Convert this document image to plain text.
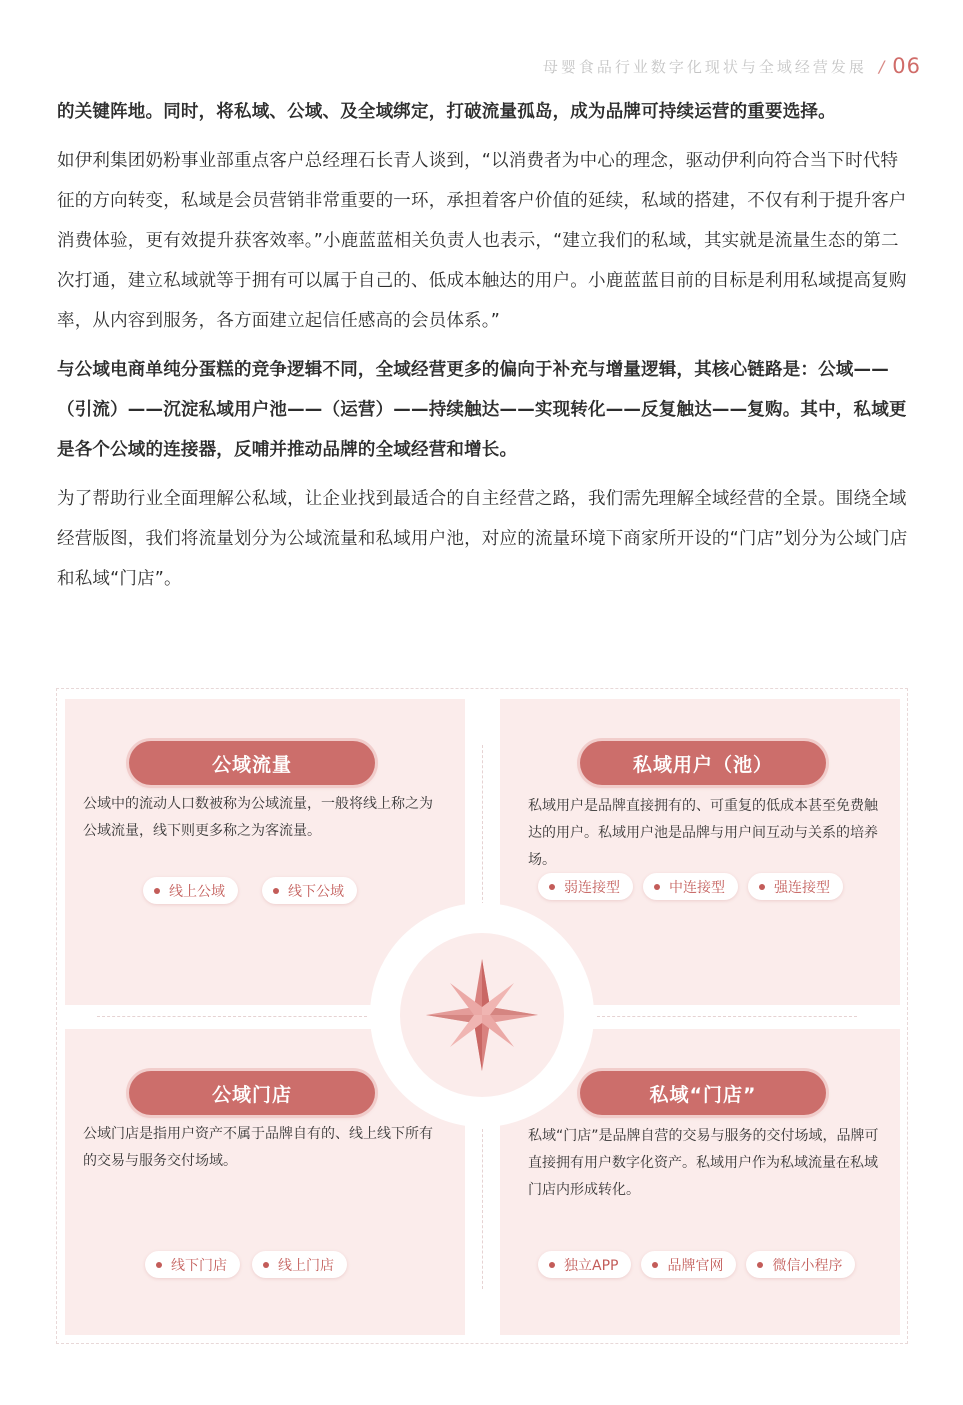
母婴食品行业数字化现状与全域经营发展 / 06

的关键阵地。同时，将私域、公域、及全域绑定，打破流量孤岛，成为品牌可持续运营的重要选择。

如伊利集团奶粉事业部重点客户总经理石长青人谈到，“以消费者为中心的理念，驱动伊利向符合当下时代特征的方向转变，私域是会员营销非常重要的一环，承担着客户价值的延续，私域的搭建，不仅有利于提升客户消费体验，更有效提升获客效率。”小鹿蓝蓝相关负责人也表示，“建立我们的私域，其实就是流量生态的第二次打通，建立私域就等于拥有可以属于自己的、低成本触达的用户。小鹿蓝蓝目前的目标是利用私域提高复购率，从内容到服务，各方面建立起信任感高的会员体系。”

与公域电商单纯分蛋糕的竞争逻辑不同，全域经营更多的偏向于补充与增量逻辑，其核心链路是：公域——（引流）——沉淀私域用户池——（运营）——持续触达——实现转化——反复触达——复购。其中，私域更是各个公域的连接器，反哺并推动品牌的全域经营和增长。

为了帮助行业全面理解公私域，让企业找到最适合的自主经营之路，我们需先理解全域经营的全景。围绕全域经营版图，我们将流量划分为公域流量和私域用户池，对应的流量环境下商家所开设的“门店”划分为公域门店和私域“门店”。

公域流量

公域中的流动人口数被称为公域流量，一般将线上称之为公域流量，线下则更多称之为客流量。

线上公域	线下公域
私域用户（池）

私域用户是品牌直接拥有的、可重复的低成本甚至免费触达的用户。私域用户池是品牌与用户间互动与关系的培养场。

弱连接型	中连接型	强连接型
公域门店

公域门店是指用户资产不属于品牌自有的、线上线下所有的交易与服务交付场域。

线下门店	线上门店
私域“门店”

私域“门店”是品牌自营的交易与服务的交付场域，品牌可直接拥有用户数字化资产。私域用户作为私域流量在私域门店内形成转化。

独立APP	品牌官网	微信小程序
